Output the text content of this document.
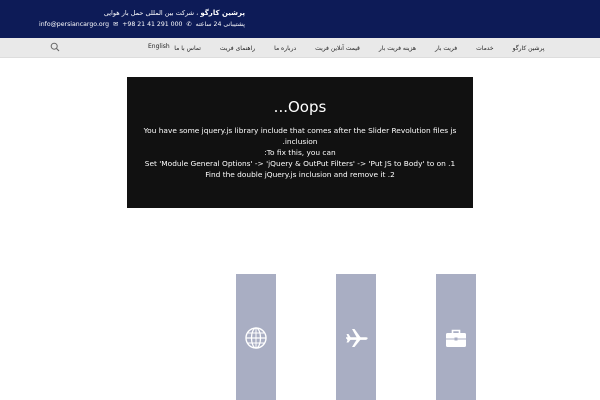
پرشین کارگو ، شرکت بین المللی حمل بار هوایی
info@persiancargo.org ✉ +98 21 41 291 000 ✆ پشتیبانی 24 ساعته
پرشین کارگو
خدمات
فریت بار
هزینه فریت بار
قیمت آنلاین فریت
درباره ما
راهنمای فریت
تماس با ما
English
Oops...
You have some jquery.js library include that comes after the Slider Revolution files js
inclusion.
To fix this, you can:
1. Set 'Module General Options' -> 'jQuery & OutPut Filters' -> 'Put JS to Body' to on
2. Find the double jQuery.js inclusion and remove it
